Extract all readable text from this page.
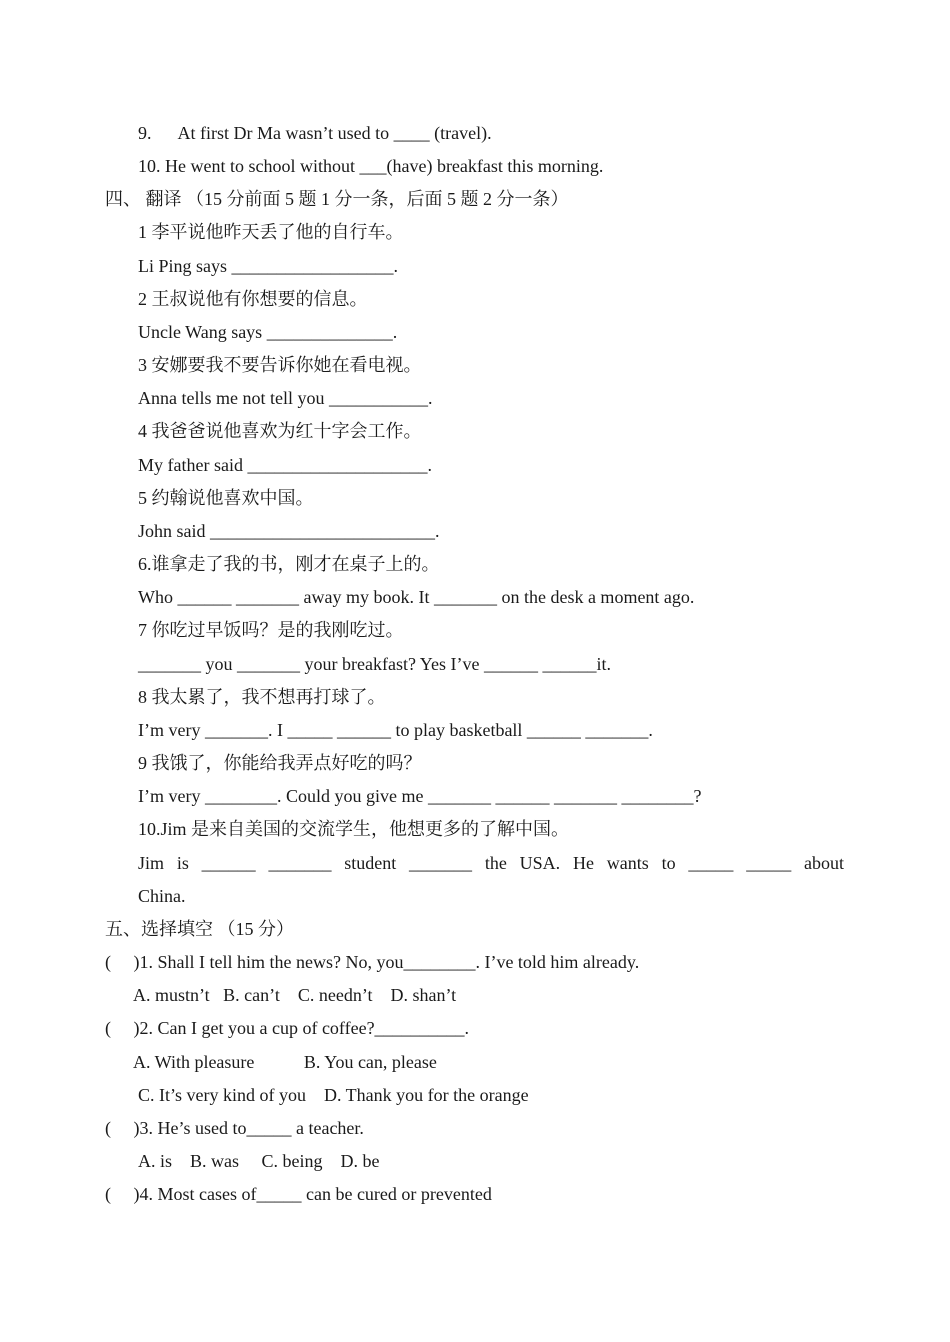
9.      At first Dr Ma wasn’t used to ____ (travel).
10. He went to school without ___(have) breakfast this morning.
四、 翻译 （15 分前面 5 题 1 分一条，后面 5 题 2 分一条）
1 李平说他昨天丢了他的自行车。
Li Ping says __________________.
2 王叔说他有你想要的信息。
Uncle Wang says ______________.
3 安娜要我不要告诉你她在看电视。
Anna tells me not tell you ___________.
4 我爸爸说他喜欢为红十字会工作。
My father said ____________________.
5 约翰说他喜欢中国。
John said _________________________.
6.谁拿走了我的书，刚才在桌子上的。
Who ______ _______ away my book. It _______ on the desk a moment ago.
7 你吃过早饭吗？是的我刚吃过。
_______ you _______ your breakfast? Yes I’ve ______ ______it.
8 我太累了，我不想再打球了。
I’m very _______. I _____ ______ to play basketball ______ _______.
9 我饿了，你能给我弄点好吃的吗？
I’m very ________. Could you give me _______ ______ _______ ________?
10.Jim 是来自美国的交流学生，他想更多的了解中国。
Jim is ______ _______ student _______ the USA. He wants to _____ _____ about
China.
五、选择填空 （15 分）
(     )1. Shall I tell him the news? No, you________. I’ve told him already.
A. mustn’t   B. can’t    C. needn’t    D. shan’t
(     )2. Can I get you a cup of coffee?__________.
A. With pleasure           B. You can, please
C. It’s very kind of you    D. Thank you for the orange
(     )3. He’s used to_____ a teacher.
A. is    B. was     C. being    D. be
(     )4. Most cases of_____ can be cured or prevented
